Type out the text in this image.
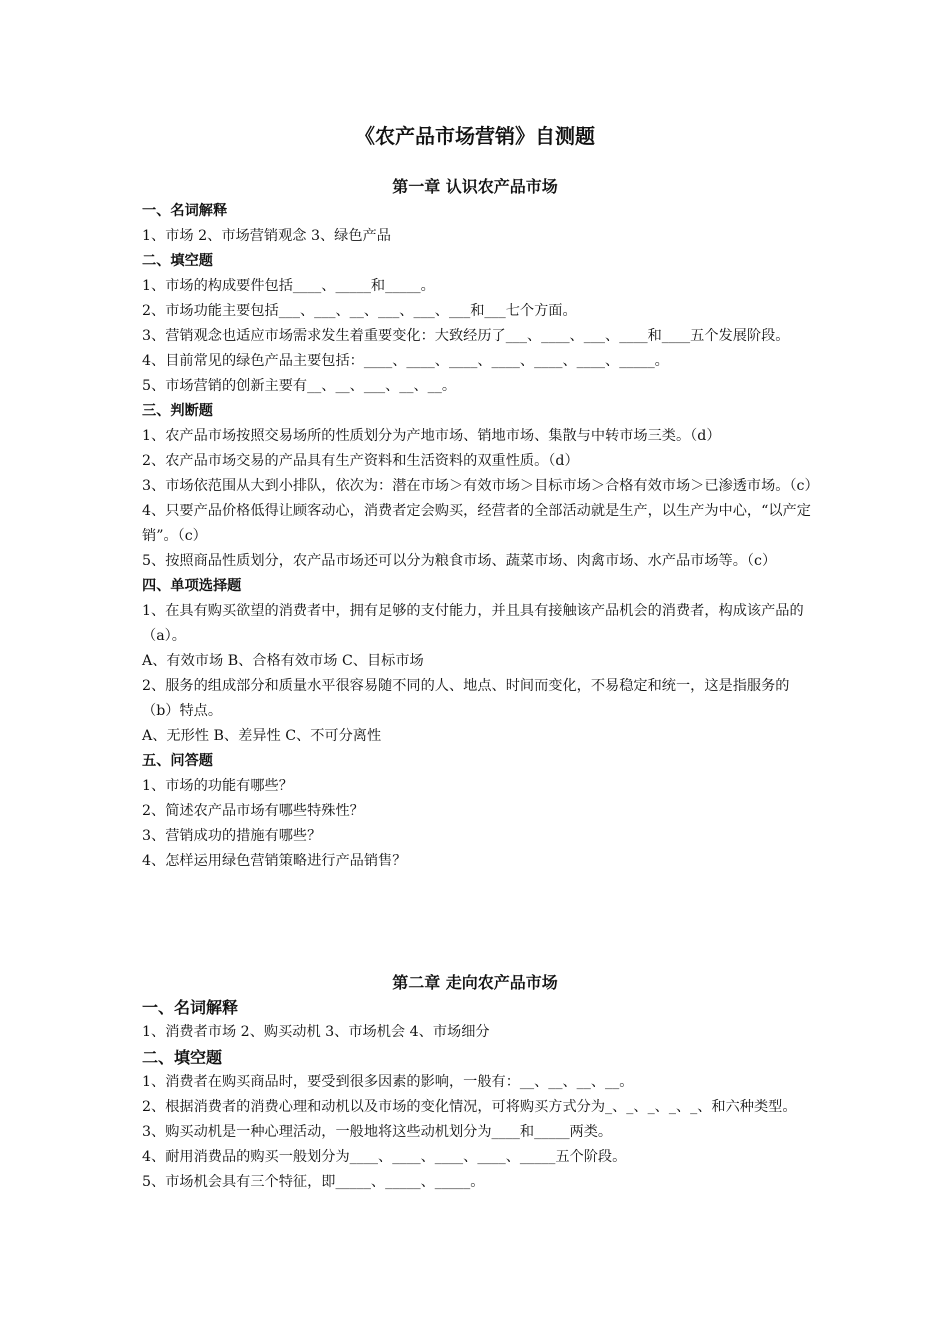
《农产品市场营销》自测题
第一章 认识农产品市场
一、名词解释
1、市场 2、市场营销观念 3、绿色产品
二、填空题
1、市场的构成要件包括____、_____和_____。
2、市场功能主要包括___、___、__、___、___、___和___七个方面。
3、营销观念也适应市场需求发生着重要变化：大致经历了___、____、___、____和____五个发展阶段。
4、目前常见的绿色产品主要包括：____、____、____、____、____、____、_____。
5、市场营销的创新主要有__、__、___、__、__。
三、判断题
1、农产品市场按照交易场所的性质划分为产地市场、销地市场、集散与中转市场三类。（d）
2、农产品市场交易的产品具有生产资料和生活资料的双重性质。（d）
3、市场依范围从大到小排队，依次为：潜在市场＞有效市场＞目标市场＞合格有效市场＞已渗透市场。（c）
4、只要产品价格低得让顾客动心，消费者定会购买，经营者的全部活动就是生产，以生产为中心，“以产定销”。（c）
5、按照商品性质划分，农产品市场还可以分为粮食市场、蔬菜市场、肉禽市场、水产品市场等。（c）
四、单项选择题
1、在具有购买欲望的消费者中，拥有足够的支付能力，并且具有接触该产品机会的消费者，构成该产品的（a）。
A、有效市场 B、合格有效市场 C、目标市场
2、服务的组成部分和质量水平很容易随不同的人、地点、时间而变化，不易稳定和统一，这是指服务的（b）特点。
A、无形性 B、差异性 C、不可分离性
五、问答题
1、市场的功能有哪些？
2、简述农产品市场有哪些特殊性？
3、营销成功的措施有哪些？
4、怎样运用绿色营销策略进行产品销售？
第二章 走向农产品市场
一、名词解释
1、消费者市场 2、购买动机 3、市场机会 4、市场细分
二、填空题
1、消费者在购买商品时，要受到很多因素的影响，一般有：__、__、__、__。
2、根据消费者的消费心理和动机以及市场的变化情况，可将购买方式分为_、_、_、_、_、和六种类型。
3、购买动机是一种心理活动，一般地将这些动机划分为____和_____两类。
4、耐用消费品的购买一般划分为____、____、____、____、_____五个阶段。
5、市场机会具有三个特征，即_____、_____、_____。
